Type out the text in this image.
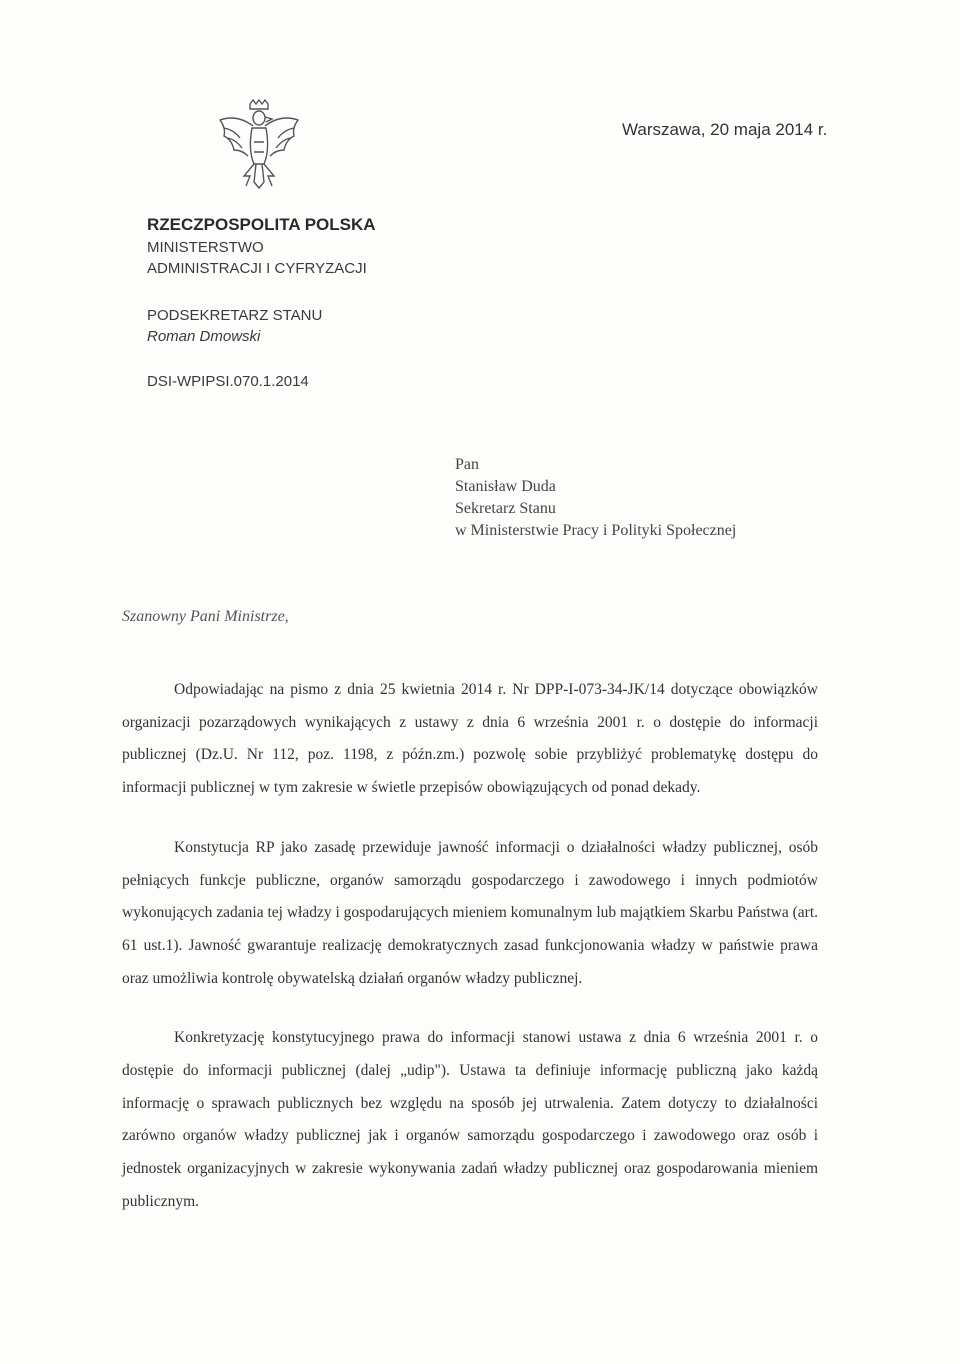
Warszawa, 20 maja 2014 r.
RZECZPOSPOLITA POLSKA
MINISTERSTWO
ADMINISTRACJI I CYFRYZACJI
PODSEKRETARZ STANU
Roman Dmowski
DSI-WPIPSI.070.1.2014
Pan
Stanisław Duda
Sekretarz Stanu
w Ministerstwie Pracy i Polityki Społecznej
Szanowny Pani Ministrze,

Odpowiadając na pismo z dnia 25 kwietnia 2014 r. Nr DPP-I-073-34-JK/14 dotyczące obowiązków organizacji pozarządowych wynikających z ustawy z dnia 6 września 2001 r. o dostępie do informacji publicznej (Dz.U. Nr 112, poz. 1198, z późn.zm.) pozwolę sobie przybliżyć problematykę dostępu do informacji publicznej w tym zakresie w świetle przepisów obowiązujących od ponad dekady.

Konstytucja RP jako zasadę przewiduje jawność informacji o działalności władzy publicznej, osób pełniących funkcje publiczne, organów samorządu gospodarczego i zawodowego i innych podmiotów wykonujących zadania tej władzy i gospodarujących mieniem komunalnym lub majątkiem Skarbu Państwa (art. 61 ust.1). Jawność gwarantuje realizację demokratycznych zasad funkcjonowania władzy w państwie prawa oraz umożliwia kontrolę obywatelską działań organów władzy publicznej.

Konkretyzację konstytucyjnego prawa do informacji stanowi ustawa z dnia 6 września 2001 r. o dostępie do informacji publicznej (dalej „udip"). Ustawa ta definiuje informację publiczną jako każdą informację o sprawach publicznych bez względu na sposób jej utrwalenia. Zatem dotyczy to działalności zarówno organów władzy publicznej jak i organów samorządu gospodarczego i zawodowego oraz osób i jednostek organizacyjnych w zakresie wykonywania zadań władzy publicznej oraz gospodarowania mieniem publicznym.
